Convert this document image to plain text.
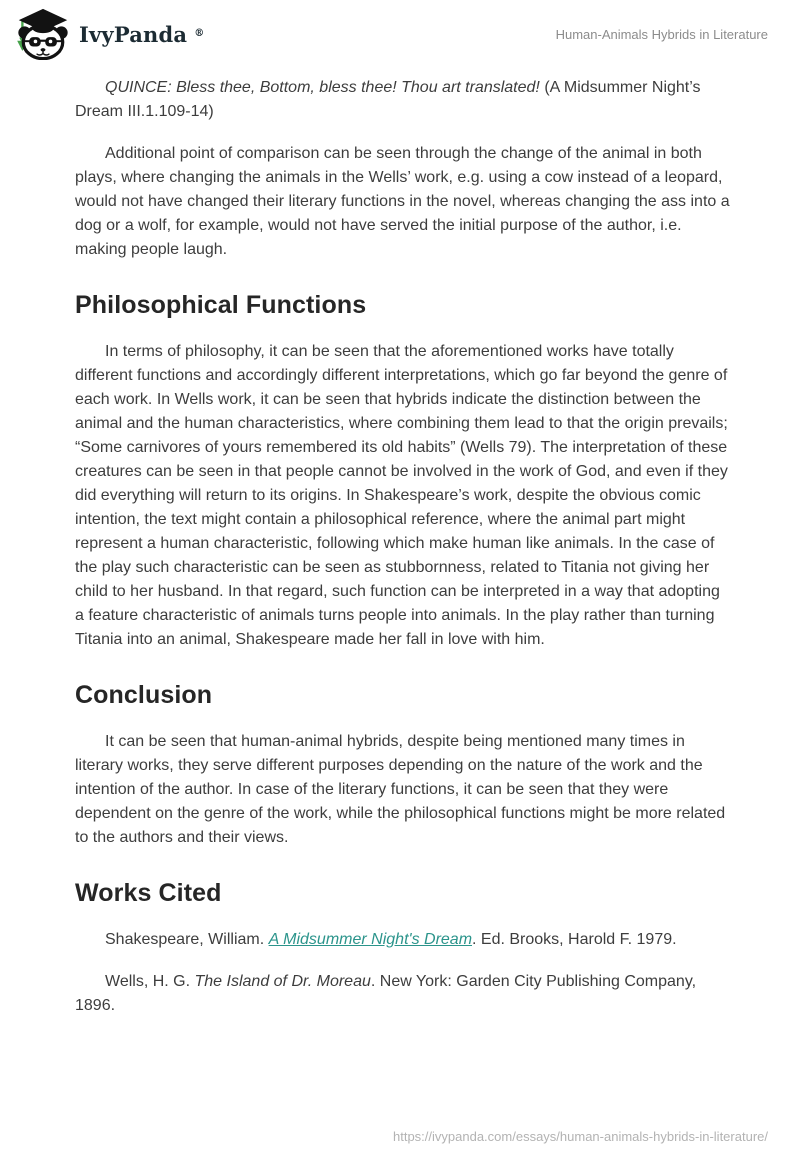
IvyPanda ®	Human-Animals Hybrids in Literature

QUINCE: Bless thee, Bottom, bless thee! Thou art translated! (A Midsummer Night’s Dream III.1.109-14)

Additional point of comparison can be seen through the change of the animal in both plays, where changing the animals in the Wells’ work, e.g. using a cow instead of a leopard, would not have changed their literary functions in the novel, whereas changing the ass into a dog or a wolf, for example, would not have served the initial purpose of the author, i.e. making people laugh.

Philosophical Functions

In terms of philosophy, it can be seen that the aforementioned works have totally different functions and accordingly different interpretations, which go far beyond the genre of each work. In Wells work, it can be seen that hybrids indicate the distinction between the animal and the human characteristics, where combining them lead to that the origin prevails; “Some carnivores of yours remembered its old habits” (Wells 79). The interpretation of these creatures can be seen in that people cannot be involved in the work of God, and even if they did everything will return to its origins. In Shakespeare’s work, despite the obvious comic intention, the text might contain a philosophical reference, where the animal part might represent a human characteristic, following which make human like animals. In the case of the play such characteristic can be seen as stubbornness, related to Titania not giving her child to her husband. In that regard, such function can be interpreted in a way that adopting a feature characteristic of animals turns people into animals. In the play rather than turning Titania into an animal, Shakespeare made her fall in love with him.

Conclusion

It can be seen that human-animal hybrids, despite being mentioned many times in literary works, they serve different purposes depending on the nature of the work and the intention of the author. In case of the literary functions, it can be seen that they were dependent on the genre of the work, while the philosophical functions might be more related to the authors and their views.

Works Cited

Shakespeare, William. A Midsummer Night's Dream. Ed. Brooks, Harold F. 1979.

Wells, H. G. The Island of Dr. Moreau. New York: Garden City Publishing Company, 1896.

https://ivypanda.com/essays/human-animals-hybrids-in-literature/
